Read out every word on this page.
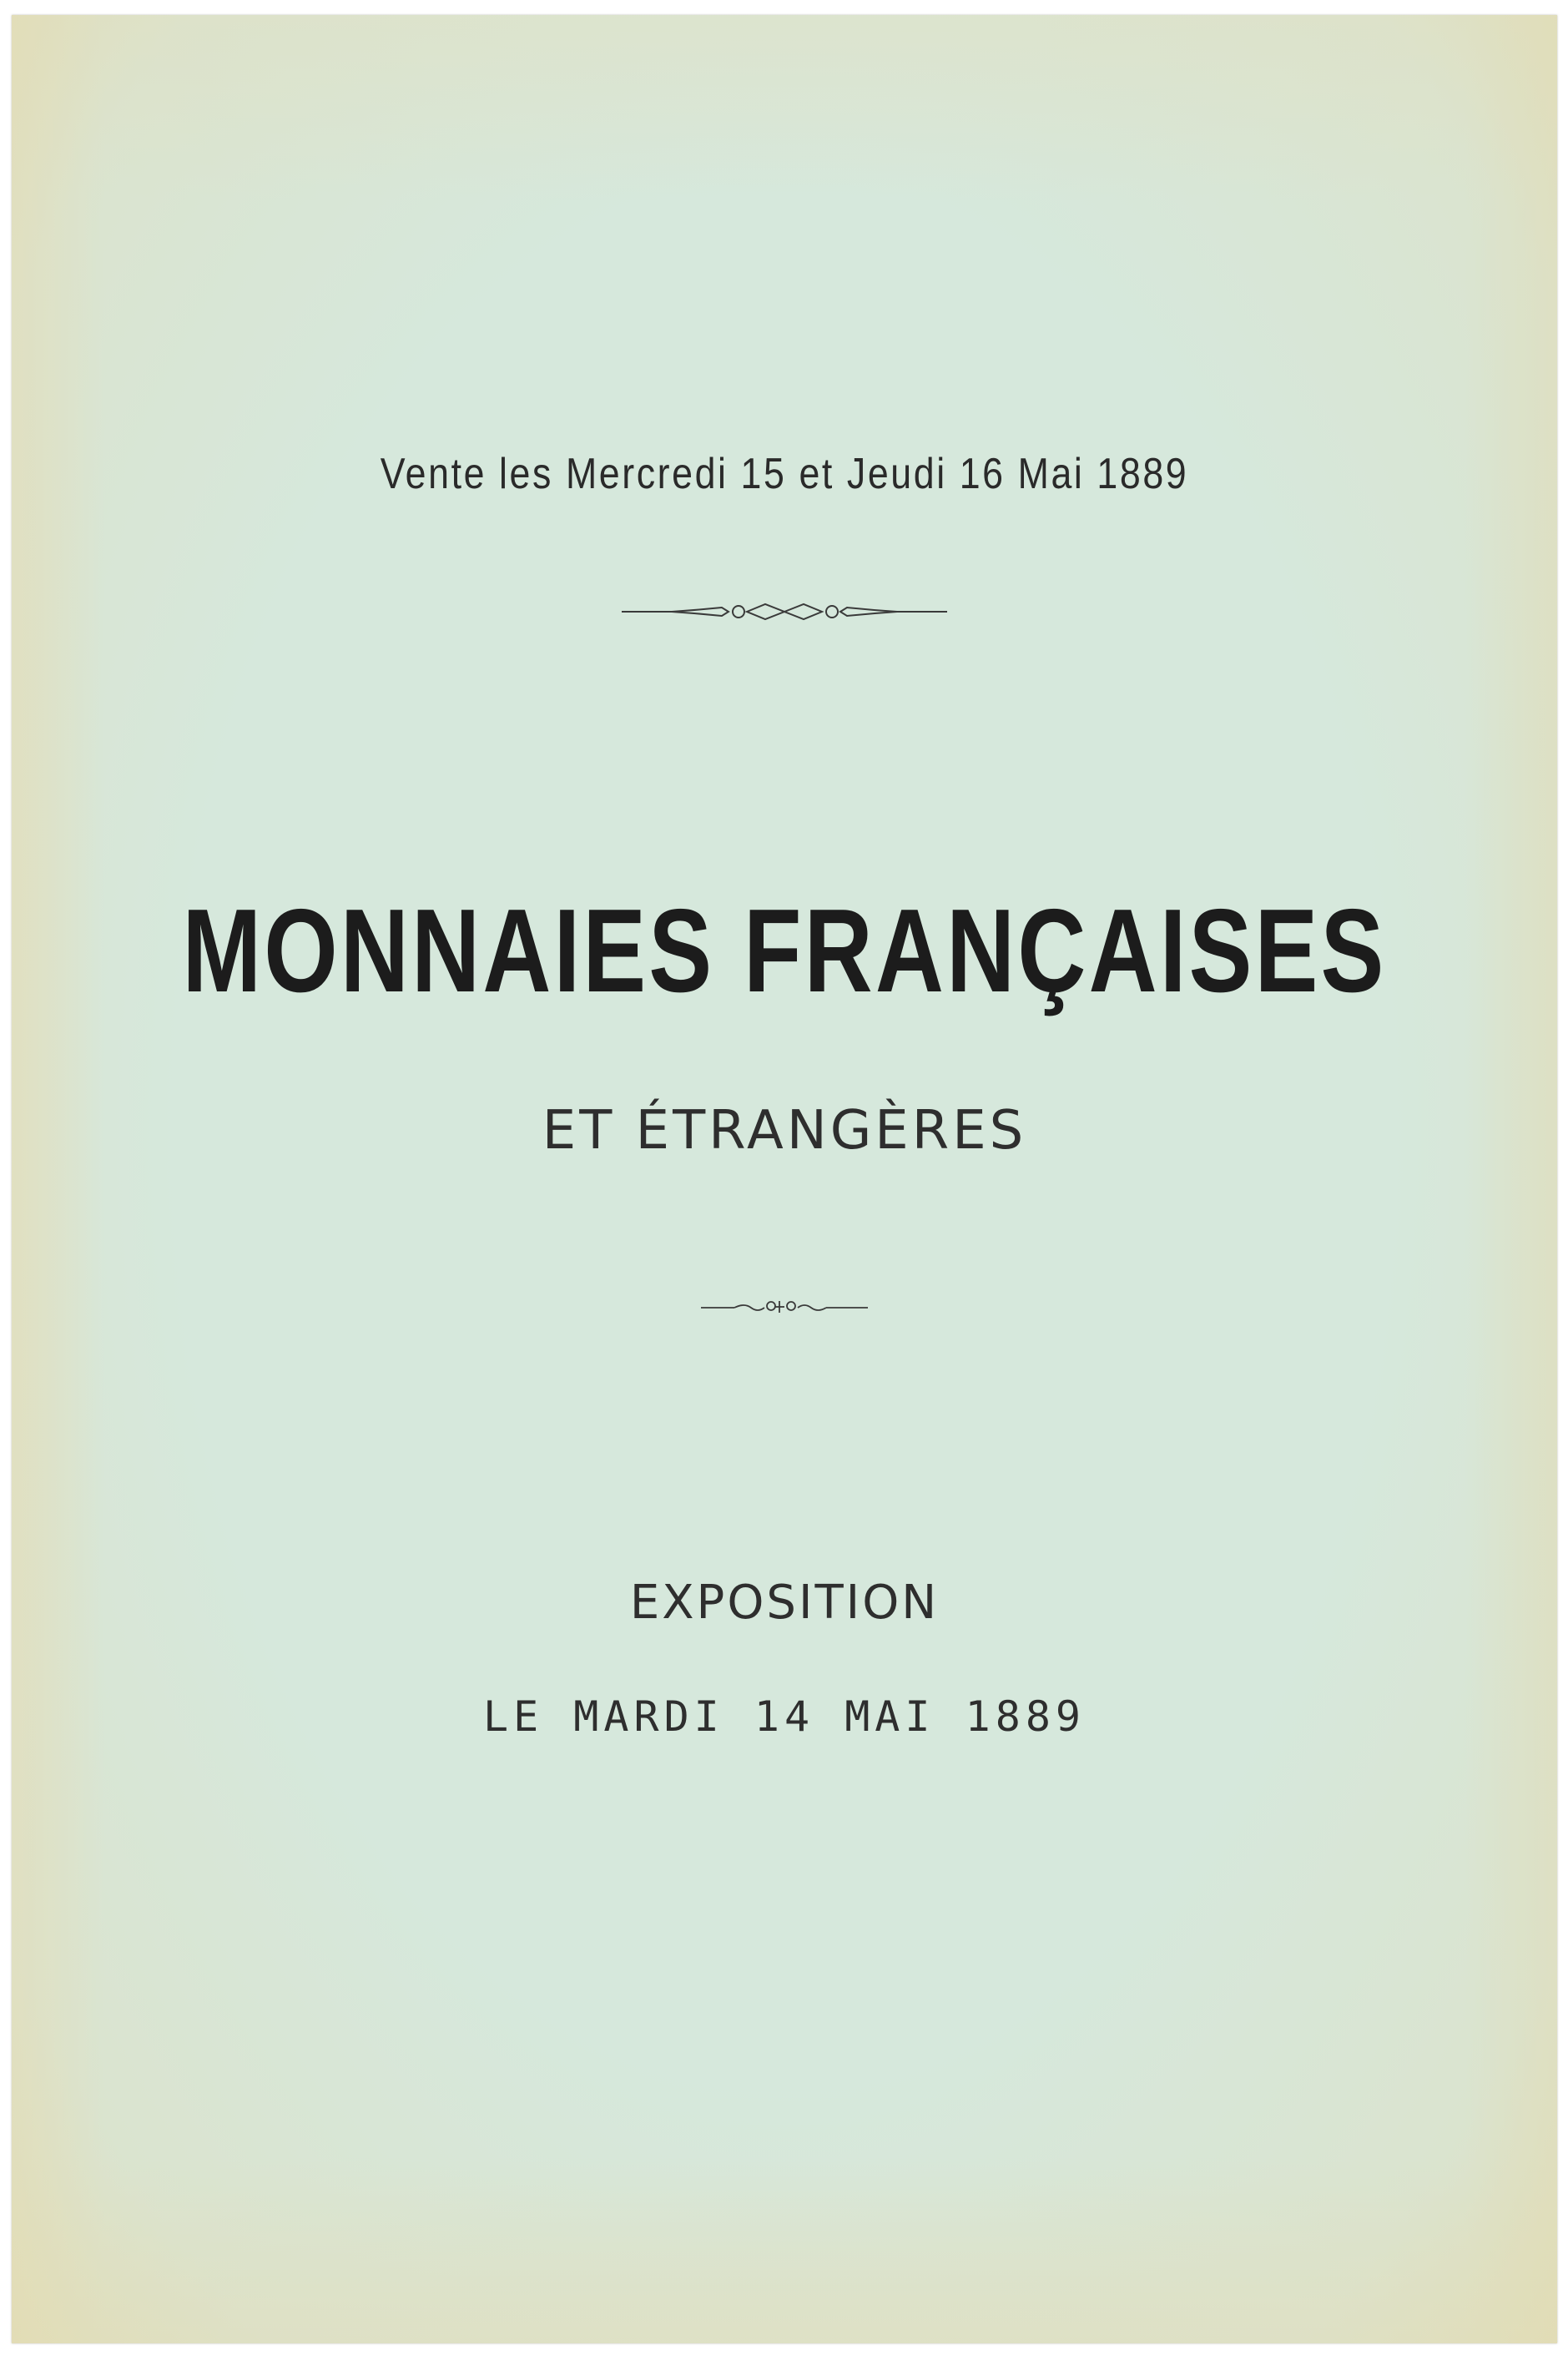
Vente les Mercredi 15 et Jeudi 16 Mai 1889
MONNAIES FRANÇAISES
ET ÉTRANGÈRES
EXPOSITION
LE MARDI 14 MAI 1889
